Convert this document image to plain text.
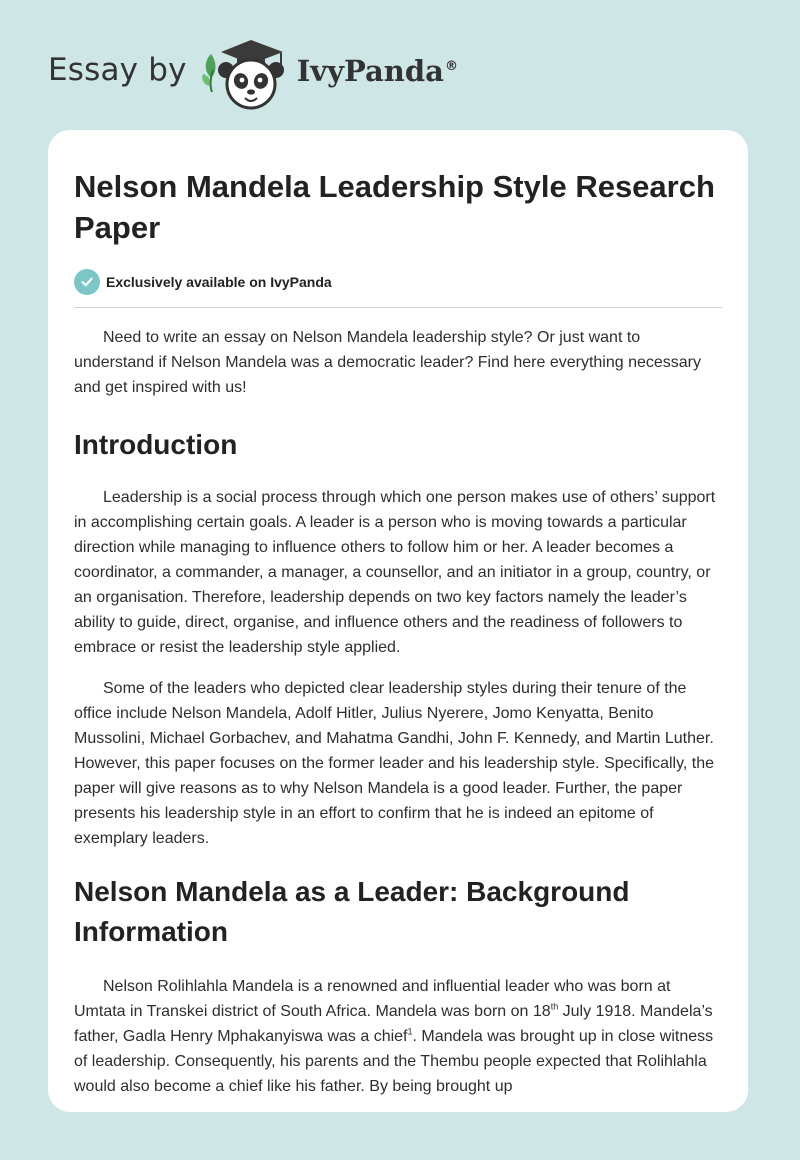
Essay by	IvyPanda®
Nelson Mandela Leadership Style Research Paper
Exclusively available on IvyPanda

Need to write an essay on Nelson Mandela leadership style? Or just want to understand if Nelson Mandela was a democratic leader? Find here everything necessary and get inspired with us!

Introduction

Leadership is a social process through which one person makes use of others’ support in accomplishing certain goals. A leader is a person who is moving towards a particular direction while managing to influence others to follow him or her. A leader becomes a coordinator, a commander, a manager, a counsellor, and an initiator in a group, country, or an organisation. Therefore, leadership depends on two key factors namely the leader’s ability to guide, direct, organise, and influence others and the readiness of followers to embrace or resist the leadership style applied.

Some of the leaders who depicted clear leadership styles during their tenure of the office include Nelson Mandela, Adolf Hitler, Julius Nyerere, Jomo Kenyatta, Benito Mussolini, Michael Gorbachev, and Mahatma Gandhi, John F. Kennedy, and Martin Luther. However, this paper focuses on the former leader and his leadership style. Specifically, the paper will give reasons as to why Nelson Mandela is a good leader. Further, the paper presents his leadership style in an effort to confirm that he is indeed an epitome of exemplary leaders.

Nelson Mandela as a Leader: Background Information

Nelson Rolihlahla Mandela is a renowned and influential leader who was born at Umtata in Transkei district of South Africa. Mandela was born on 18th July 1918. Mandela’s father, Gadla Henry Mphakanyiswa was a chief$^1$. Mandela was brought up in close witness of leadership. Consequently, his parents and the Thembu people expected that Rolihlahla would also become a chief like his father. By being brought up
